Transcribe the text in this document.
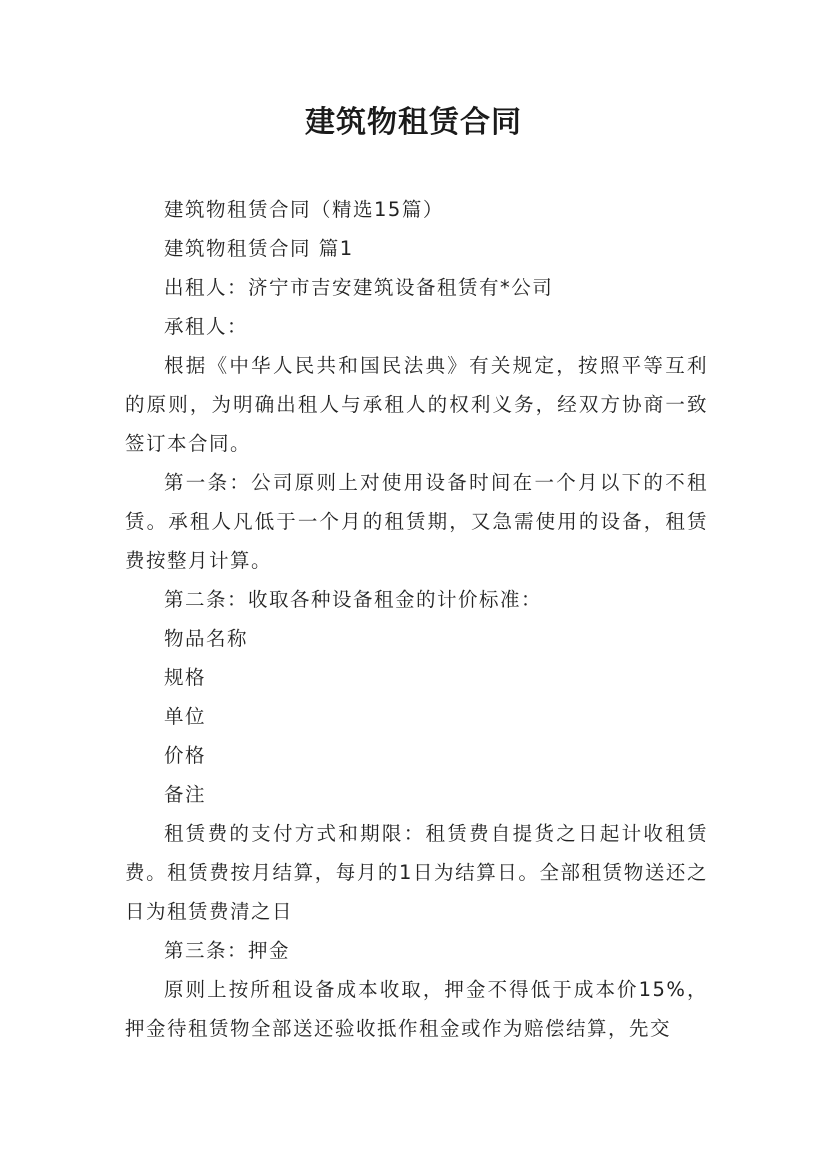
建筑物租赁合同

建筑物租赁合同（精选15篇）

建筑物租赁合同 篇1

出租人：济宁市吉安建筑设备租赁有*公司

承租人：

根据《中华人民共和国民法典》有关规定，按照平等互利的原则，为明确出租人与承租人的权利义务，经双方协商一致签订本合同。

第一条：公司原则上对使用设备时间在一个月以下的不租赁。承租人凡低于一个月的租赁期，又急需使用的设备，租赁费按整月计算。

第二条：收取各种设备租金的计价标准：

物品名称

规格

单位

价格

备注

租赁费的支付方式和期限：租赁费自提货之日起计收租赁费。租赁费按月结算，每月的1日为结算日。全部租赁物送还之日为租赁费清之日

第三条：押金

原则上按所租设备成本收取，押金不得低于成本价15%，押金待租赁物全部送还验收抵作租金或作为赔偿结算，先交
